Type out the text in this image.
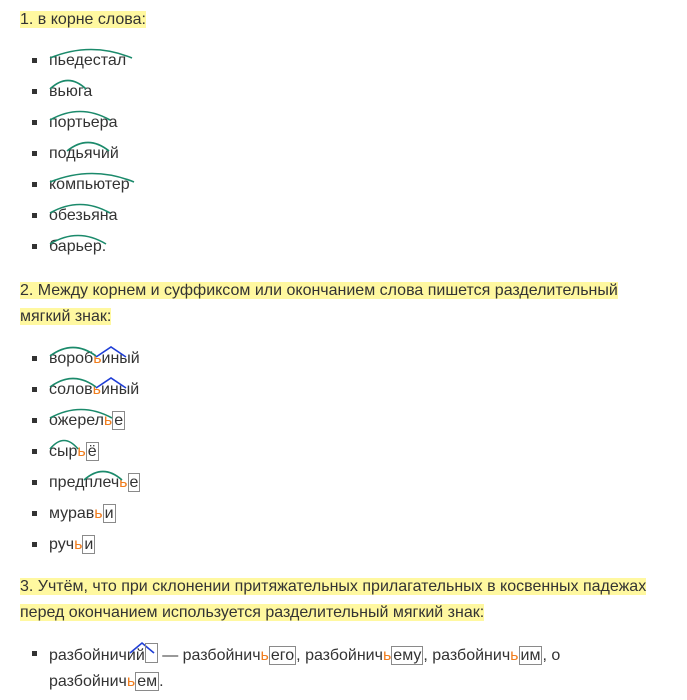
1. в корне слова:
пьедестал
вьюга
портьера
подьячий
компьютер
обезьяна
барьер.
2. Между корнем и суффиксом или окончанием слова пишется разделительный
мягкий знак:
воробьиный
соловьиный
ожерель е
сырь ё
предплечь е
муравь и
ручь и
3. Учтём, что при склонении притяжательных прилагательных в косвенных падежах
перед окончанием используется разделительный мягкий знак:
разбойничий — разбойничь его , разбойничь ему , разбойничь им , о
разбойничь ем .
